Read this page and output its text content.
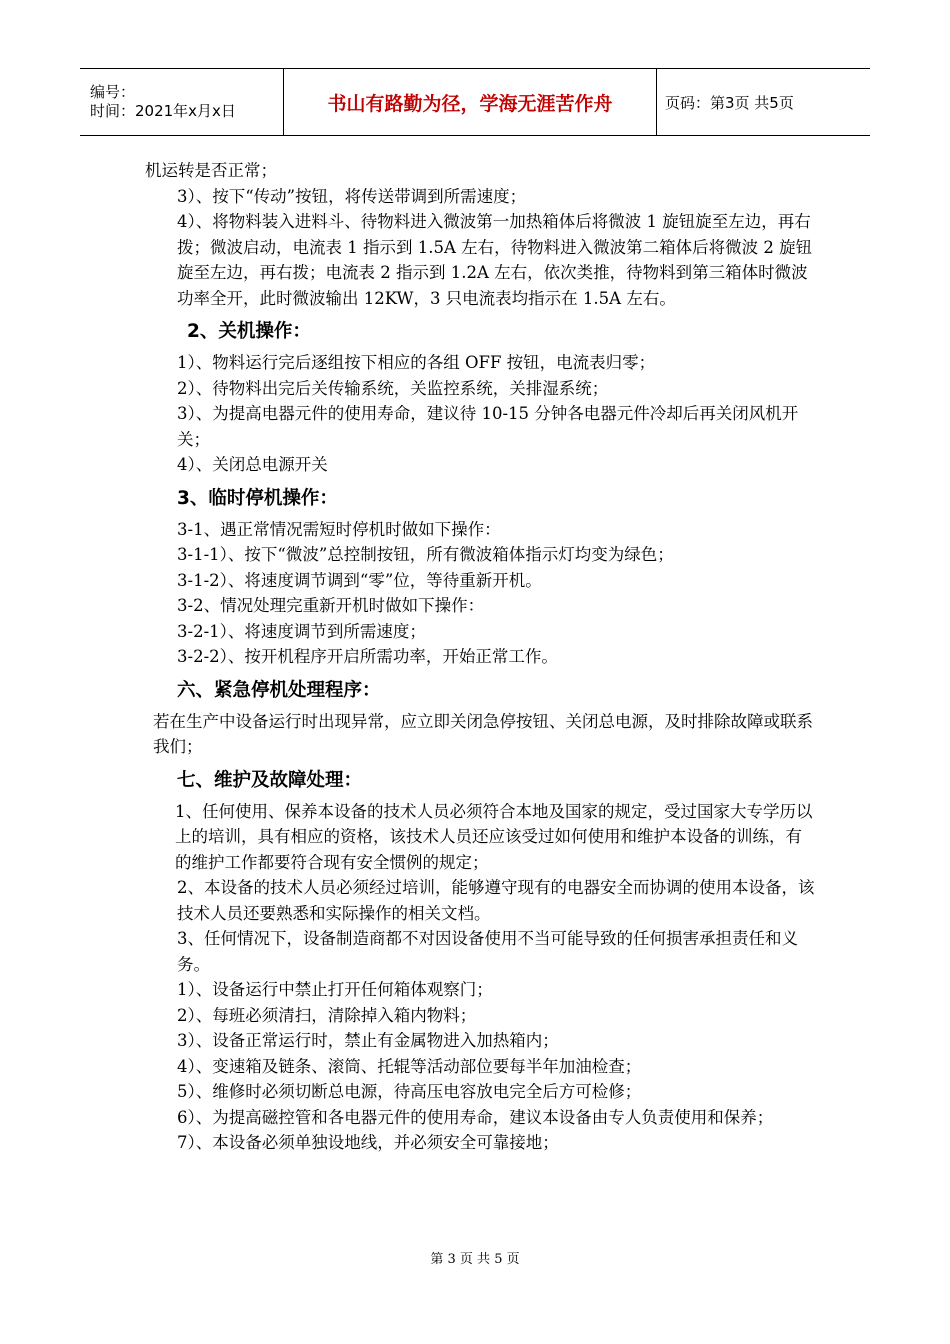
编号：
时间：2021年x月x日	书山有路勤为径，学海无涯苦作舟	页码：第3页 共5页

机运转是否正常；

3）、按下“传动”按钮，将传送带调到所需速度；

4）、将物料装入进料斗、待物料进入微波第一加热箱体后将微波 1 旋钮旋至左边，再右拨；微波启动，电流表 1 指示到 1.5A 左右，待物料进入微波第二箱体后将微波 2 旋钮旋至左边，再右拨；电流表 2 指示到 1.2A 左右，依次类推，待物料到第三箱体时微波功率全开，此时微波输出 12KW，3 只电流表均指示在 1.5A 左右。

2、关机操作：

1）、物料运行完后逐组按下相应的各组 OFF 按钮，电流表归零；

2）、待物料出完后关传输系统，关监控系统，关排湿系统；

3）、为提高电器元件的使用寿命，建议待 10-15 分钟各电器元件冷却后再关闭风机开关；

4）、关闭总电源开关

3、临时停机操作：

3-1、遇正常情况需短时停机时做如下操作：

3-1-1）、按下“微波”总控制按钮，所有微波箱体指示灯均变为绿色；

3-1-2）、将速度调节调到“零”位，等待重新开机。

3-2、情况处理完重新开机时做如下操作：

3-2-1）、将速度调节到所需速度；

3-2-2）、按开机程序开启所需功率，开始正常工作。

六、紧急停机处理程序：

若在生产中设备运行时出现异常，应立即关闭急停按钮、关闭总电源，及时排除故障或联系我们；

七、维护及故障处理：

1、任何使用、保养本设备的技术人员必须符合本地及国家的规定，受过国家大专学历以上的培训，具有相应的资格，该技术人员还应该受过如何使用和维护本设备的训练，有的维护工作都要符合现有安全惯例的规定；

2、本设备的技术人员必须经过培训，能够遵守现有的电器安全而协调的使用本设备，该技术人员还要熟悉和实际操作的相关文档。

3、任何情况下，设备制造商都不对因设备使用不当可能导致的任何损害承担责任和义务。

1）、设备运行中禁止打开任何箱体观察门；

2）、每班必须清扫，清除掉入箱内物料；

3）、设备正常运行时，禁止有金属物进入加热箱内；

4）、变速箱及链条、滚筒、托辊等活动部位要每半年加油检查；

5）、维修时必须切断总电源，待高压电容放电完全后方可检修；

6）、为提高磁控管和各电器元件的使用寿命，建议本设备由专人负责使用和保养；

7）、本设备必须单独设地线，并必须安全可靠接地；

第 3 页 共 5 页
